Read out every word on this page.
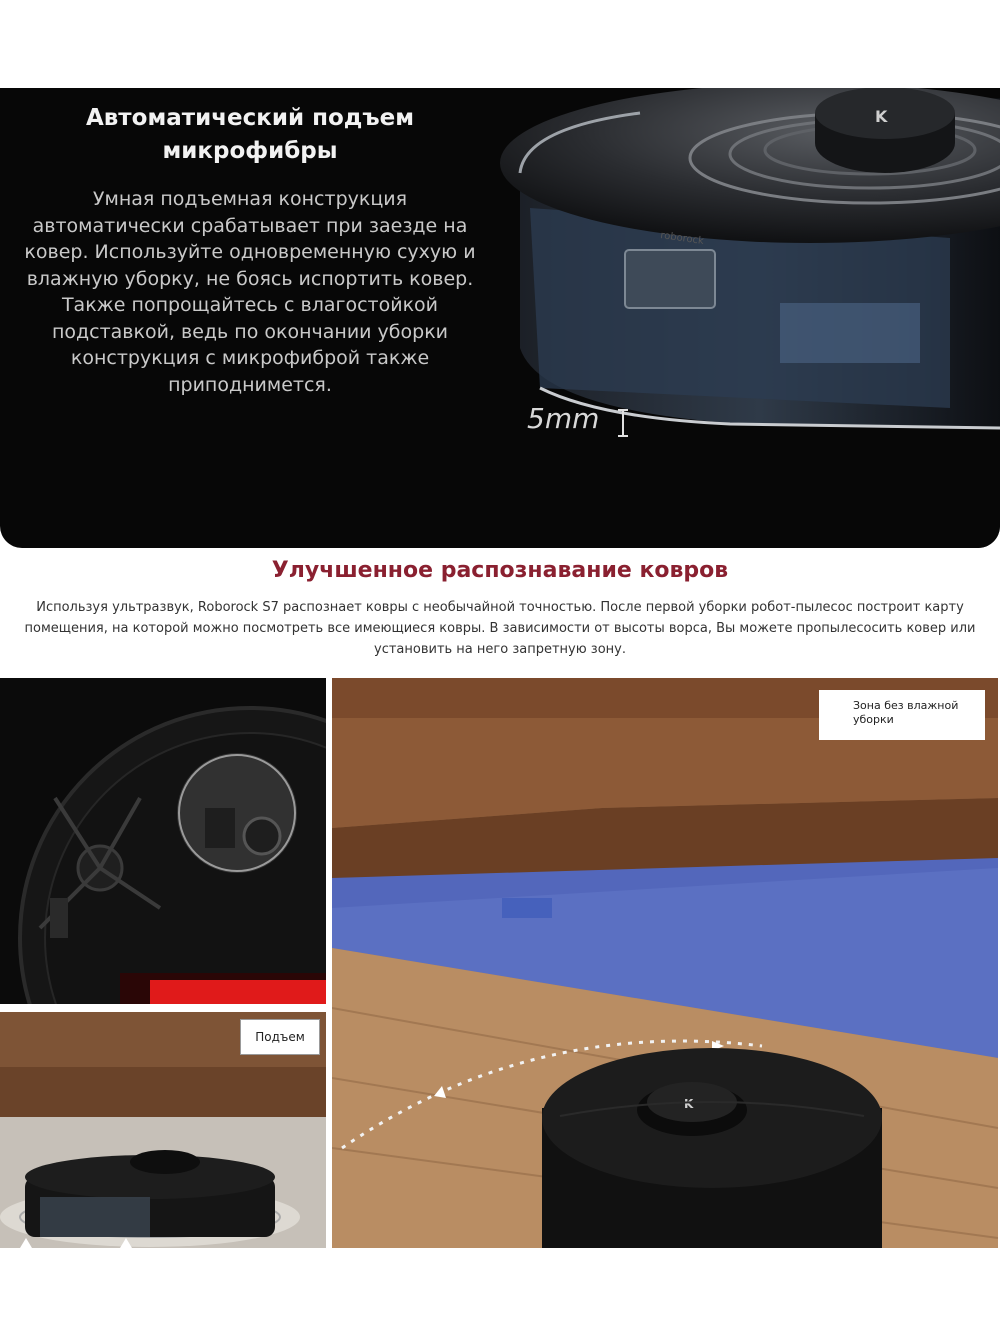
Автоматический подъем микрофибры

Умная подъемная конструкция автоматически срабатывает при заезде на ковер. Используйте одновременную сухую и влажную уборку, не боясь испортить ковер. Также попрощайтесь с влагостойкой подставкой, ведь по окончании уборки конструкция с микрофиброй также приподнимется.

K
roborock
5mm
Улучшенное распознавание ковров

Используя ультразвук, Roborock S7 распознает ковры с необычайной точностью. После первой уборки робот-пылесос построит карту помещения, на которой можно посмотреть все имеющиеся ковры. В зависимости от высоты ворса, Вы можете пропылесосить ковер или установить на него запретную зону.

Подъем
K
Зона без влажной уборки
